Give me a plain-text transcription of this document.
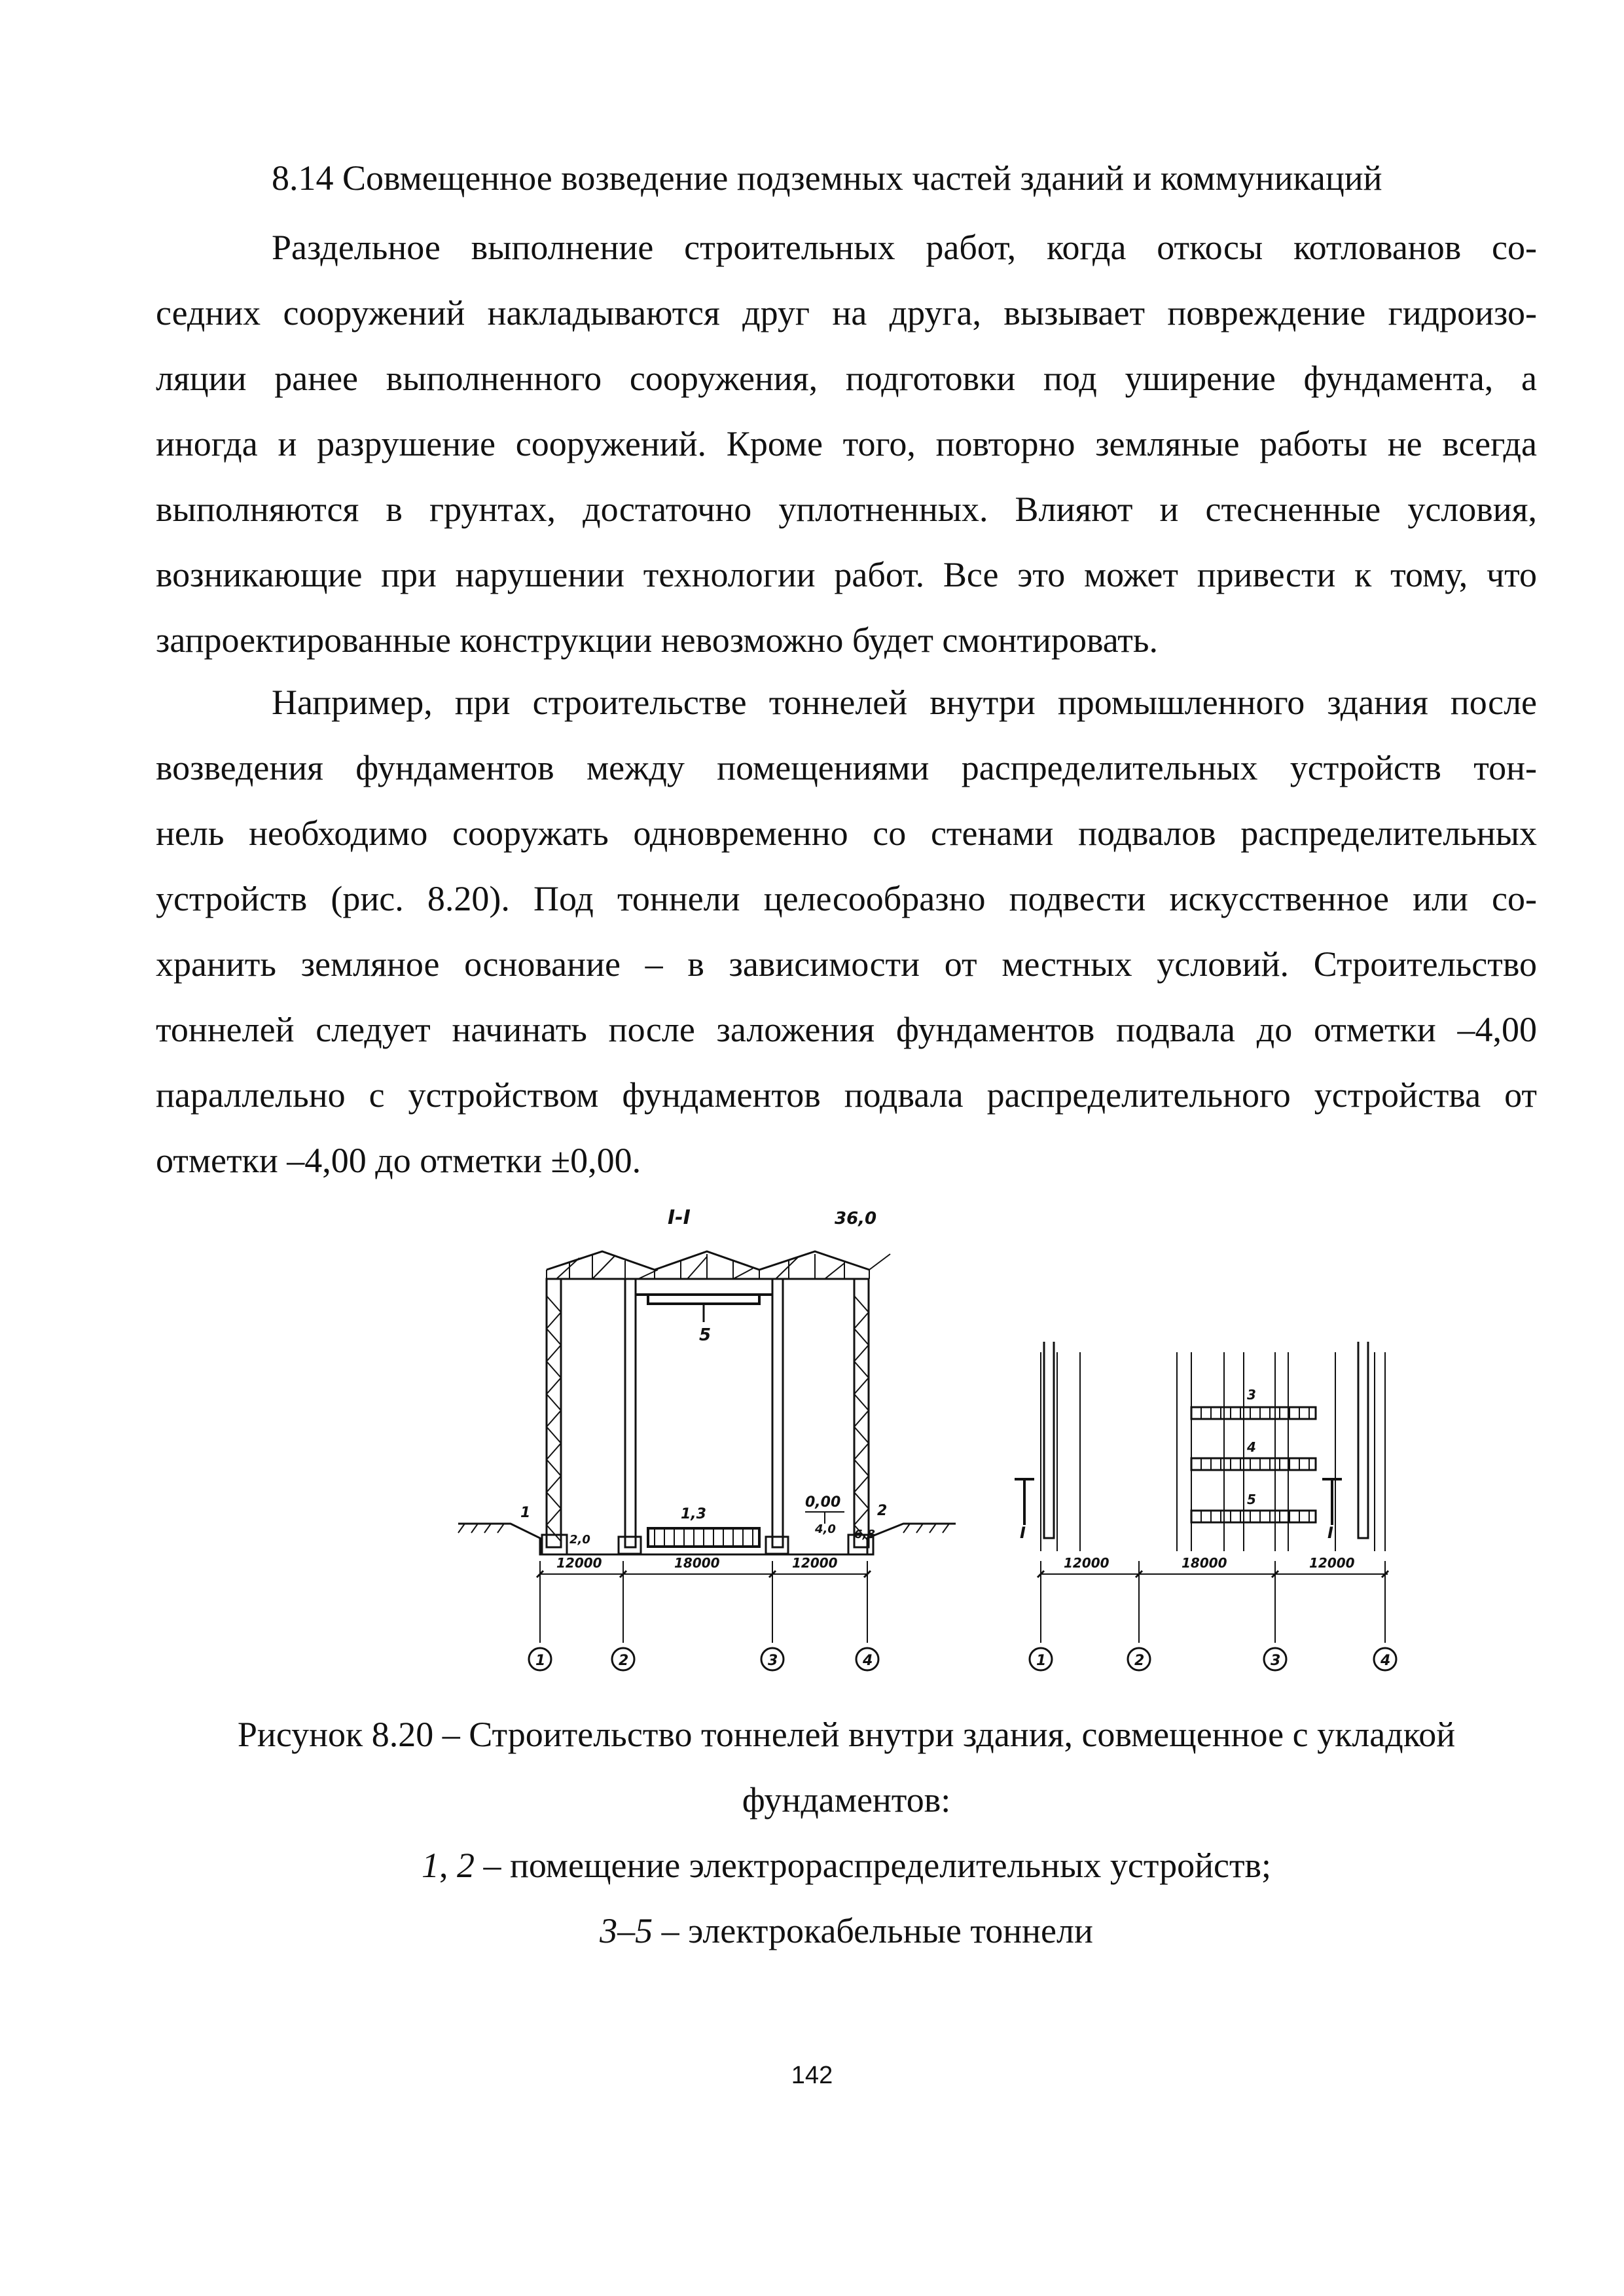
8.14 Совмещенное возведение подземных частей зданий и коммуникаций
Раздельное выполнение строительных работ, когда откосы котлованов со-
седних сооружений накладываются друг на друга, вызывает повреждение гидроизо-
ляции ранее выполненного сооружения, подготовки под уширение фундамента, а
иногда и разрушение сооружений. Кроме того, повторно земляные работы не всегда
выполняются в грунтах, достаточно уплотненных. Влияют и стесненные условия,
возникающие при нарушении технологии работ. Все это может привести к тому, что
запроектированные конструкции невозможно будет смонтировать.
Например, при строительстве тоннелей внутри промышленного здания после
возведения фундаментов между помещениями распределительных устройств тон-
нель необходимо сооружать одновременно со стенами подвалов распределительных
устройств (рис. 8.20). Под тоннели целесообразно подвести искусственное или со-
хранить земляное основание – в зависимости от местных условий. Строительство
тоннелей следует начинать после заложения фундаментов подвала до отметки –4,00
параллельно с устройством фундаментов подвала распределительного устройства от
отметки –4,00 до отметки ±0,00.
I-I	36,0
5
0,00
4,0 6,8
2,0
1,3
1	2
3
4
5
I	I
12000	18000	12000	12000	18000	12000
1	2	3	4	1	2	3	4
Рисунок 8.20 – Строительство тоннелей внутри здания, совмещенное с укладкой
фундаментов:
1, 2 – помещение электрораспределительных устройств;
3–5 – электрокабельные тоннели
142
